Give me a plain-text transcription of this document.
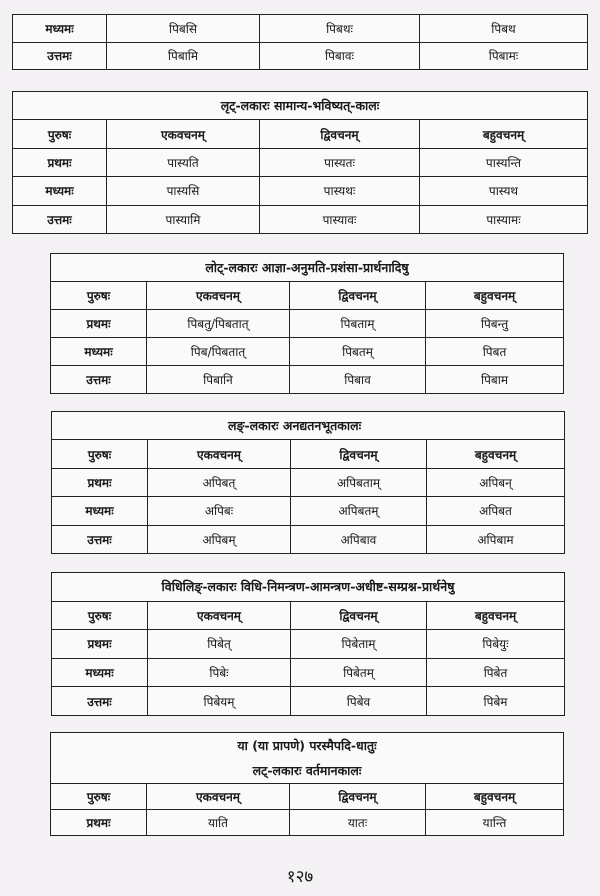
मध्यमः	पिबसि	पिबथः	पिबथ
उत्तमः	पिबामि	पिबावः	पिबामः
लृट्-लकारः सामान्य-भविष्यत्-कालः			
पुरुषः	एकवचनम्	द्विवचनम्	बहुवचनम्
प्रथमः	पास्यति	पास्यतः	पास्यन्ति
मध्यमः	पास्यसि	पास्यथः	पास्यथ
उत्तमः	पास्यामि	पास्यावः	पास्यामः
लोट्-लकारः आज्ञा-अनुमति-प्रशंसा-प्रार्थनादिषु			
पुरुषः	एकवचनम्	द्विवचनम्	बहुवचनम्
प्रथमः	पिबतु/पिबतात्	पिबताम्	पिबन्तु
मध्यमः	पिब/पिबतात्	पिबतम्	पिबत
उत्तमः	पिबानि	पिबाव	पिबाम
लङ्-लकारः अनद्यतनभूतकालः			
पुरुषः	एकवचनम्	द्विवचनम्	बहुवचनम्
प्रथमः	अपिबत्	अपिबताम्	अपिबन्
मध्यमः	अपिबः	अपिबतम्	अपिबत
उत्तमः	अपिबम्	अपिबाव	अपिबाम
विधिलिङ्-लकारः विधि-निमन्त्रण-आमन्त्रण-अधीष्ट-सम्प्रश्न-प्रार्थनेषु			
पुरुषः	एकवचनम्	द्विवचनम्	बहुवचनम्
प्रथमः	पिबेत्	पिबेताम्	पिबेयुः
मध्यमः	पिबेः	पिबेतम्	पिबेत
उत्तमः	पिबेयम्	पिबेव	पिबेम
या (या प्रापणे) परस्मैपदि-धातुः			
लट्-लकारः वर्तमानकालः			
पुरुषः	एकवचनम्	द्विवचनम्	बहुवचनम्
प्रथमः	याति	यातः	यान्ति
१२७
